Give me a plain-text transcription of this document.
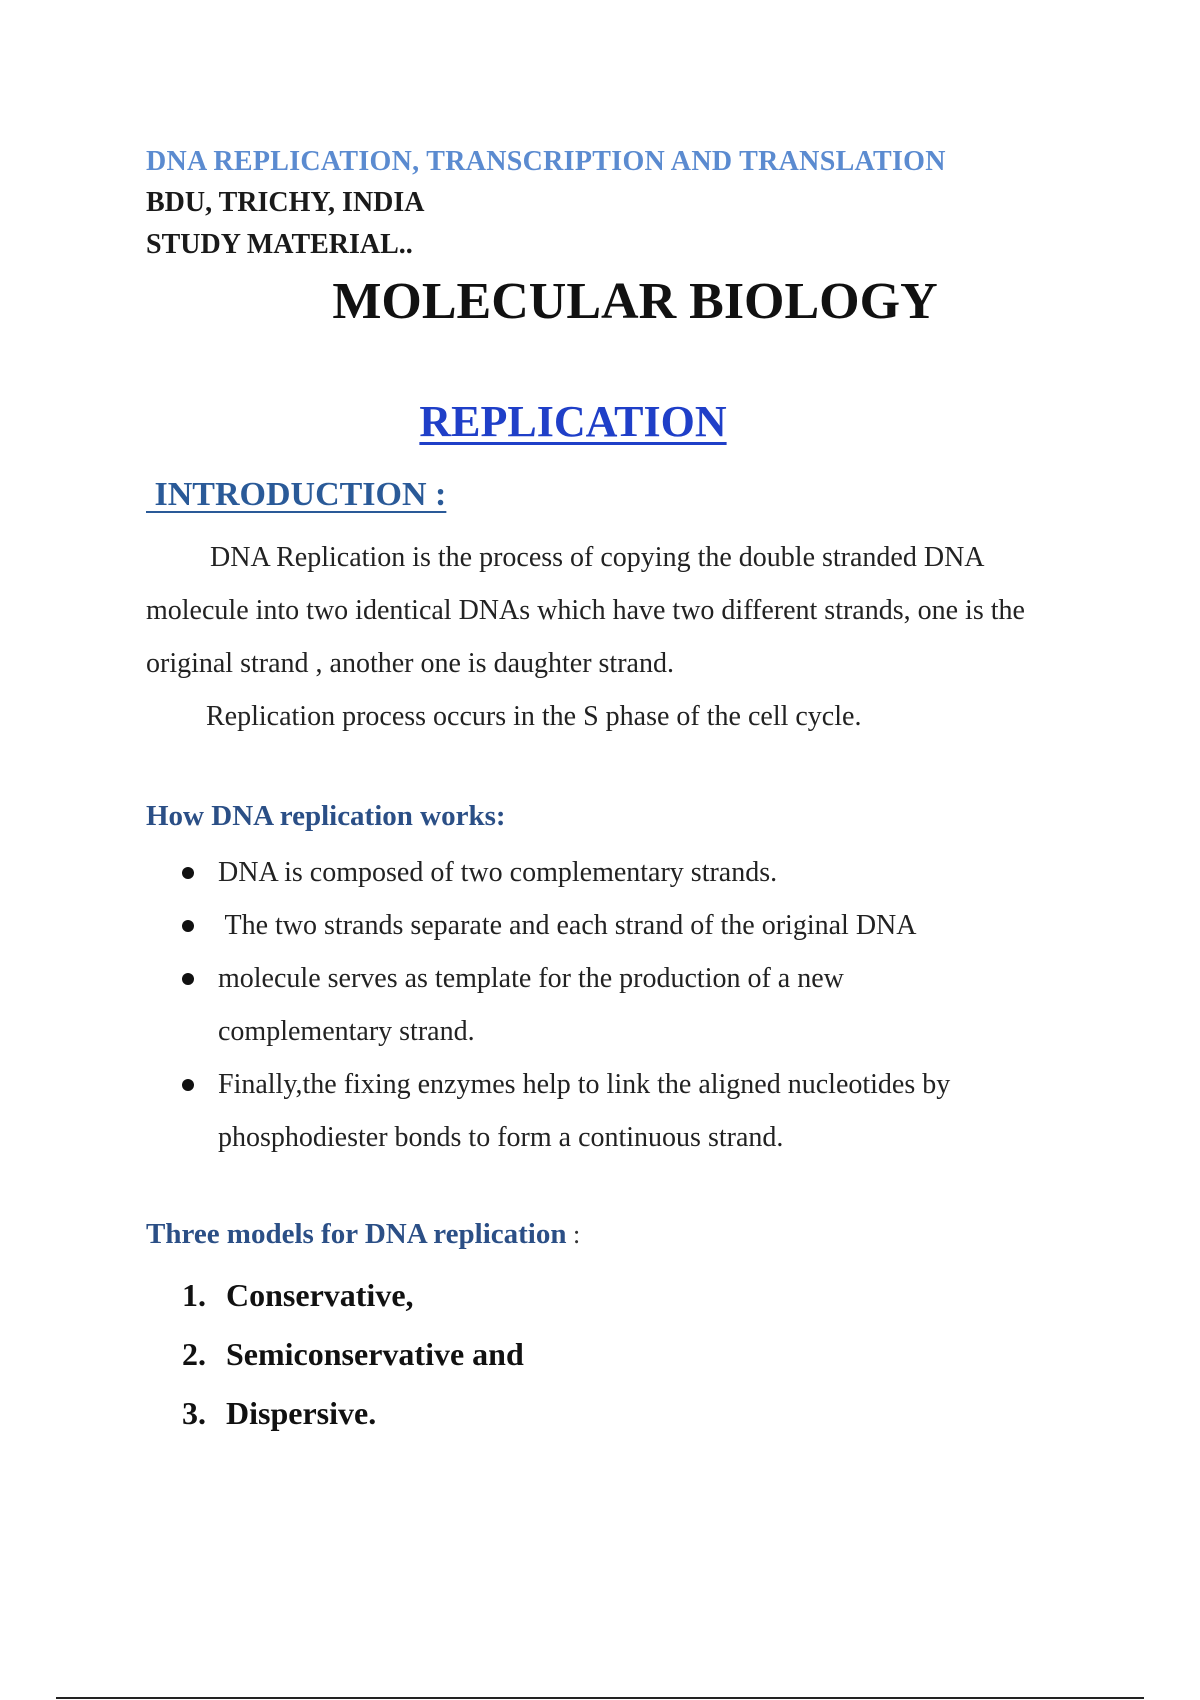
DNA REPLICATION, TRANSCRIPTION AND TRANSLATION
BDU, TRICHY, INDIA
STUDY MATERIAL..
MOLECULAR BIOLOGY
REPLICATION
INTRODUCTION :
DNA Replication is the process of copying the double stranded DNA molecule into two identical DNAs which have two different strands, one is the original strand , another one is daughter strand.
Replication process occurs in the S phase of the cell cycle.
How DNA replication works:
DNA is composed of two complementary strands.
The two strands separate and each strand of the original DNA
molecule serves as template for the production of a new complementary strand.
Finally,the fixing enzymes help to link the aligned nucleotides by phosphodiester bonds to form a continuous strand.
Three models for DNA replication :
1. Conservative,
2. Semiconservative and
3. Dispersive.
